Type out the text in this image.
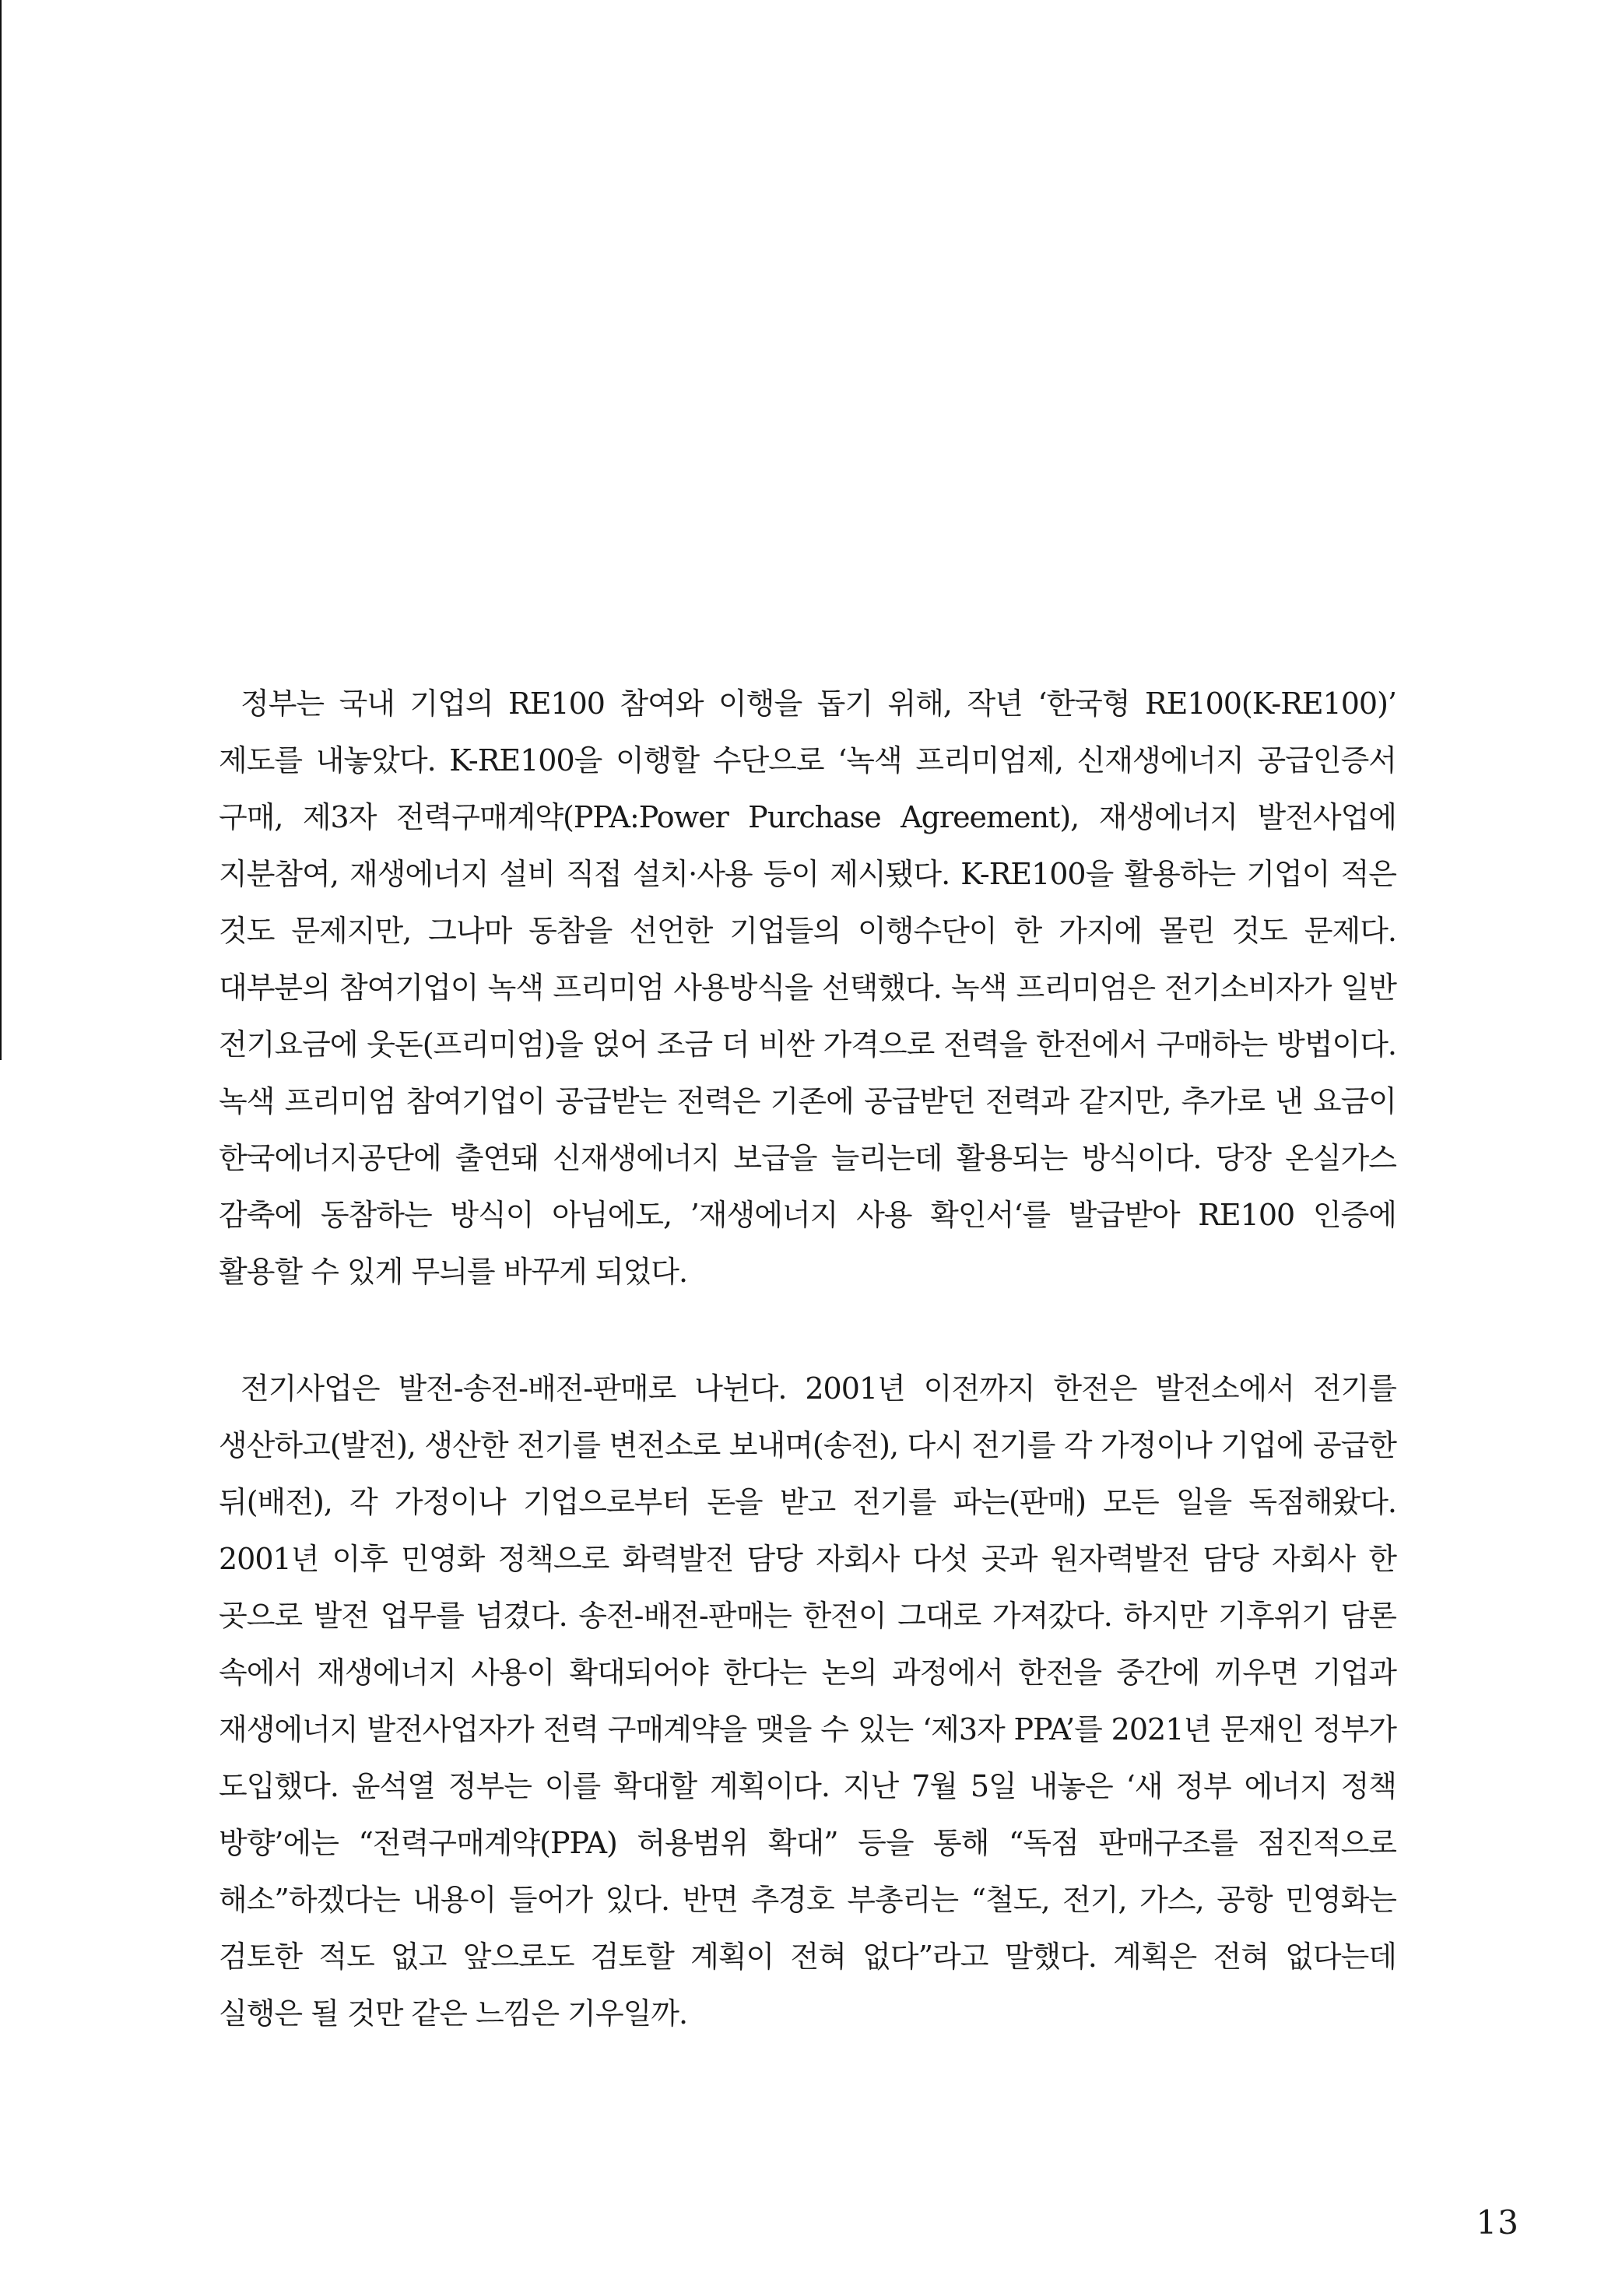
정부는 국내 기업의 RE100 참여와 이행을 돕기 위해, 작년 ‘한국형 RE100(K-RE100)’ 제도를 내놓았다. K-RE100을 이행할 수단으로 ‘녹색 프리미엄제, 신재생에너지 공급인증서 구매, 제3자 전력구매계약(PPA:Power Purchase Agreement), 재생에너지 발전사업에 지분참여, 재생에너지 설비 직접 설치·사용 등이 제시됐다. K-RE100을 활용하는 기업이 적은 것도 문제지만, 그나마 동참을 선언한 기업들의 이행수단이 한 가지에 몰린 것도 문제다. 대부분의 참여기업이 녹색 프리미엄 사용방식을 선택했다. 녹색 프리미엄은 전기소비자가 일반 전기요금에 웃돈(프리미엄)을 얹어 조금 더 비싼 가격으로 전력을 한전에서 구매하는 방법이다. 녹색 프리미엄 참여기업이 공급받는 전력은 기존에 공급받던 전력과 같지만, 추가로 낸 요금이 한국에너지공단에 출연돼 신재생에너지 보급을 늘리는데 활용되는 방식이다. 당장 온실가스 감축에 동참하는 방식이 아님에도, ’재생에너지 사용 확인서‘를 발급받아 RE100 인증에 활용할 수 있게 무늬를 바꾸게 되었다.

전기사업은 발전-송전-배전-판매로 나뉜다. 2001년 이전까지 한전은 발전소에서 전기를 생산하고(발전), 생산한 전기를 변전소로 보내며(송전), 다시 전기를 각 가정이나 기업에 공급한 뒤(배전), 각 가정이나 기업으로부터 돈을 받고 전기를 파는(판매) 모든 일을 독점해왔다. 2001년 이후 민영화 정책으로 화력발전 담당 자회사 다섯 곳과 원자력발전 담당 자회사 한 곳으로 발전 업무를 넘겼다. 송전-배전-판매는 한전이 그대로 가져갔다. 하지만 기후위기 담론 속에서 재생에너지 사용이 확대되어야 한다는 논의 과정에서 한전을 중간에 끼우면 기업과 재생에너지 발전사업자가 전력 구매계약을 맺을 수 있는 ‘제3자 PPA’를 2021년 문재인 정부가 도입했다. 윤석열 정부는 이를 확대할 계획이다. 지난 7월 5일 내놓은 ‘새 정부 에너지 정책 방향’에는 “전력구매계약(PPA) 허용범위 확대” 등을 통해 “독점 판매구조를 점진적으로 해소”하겠다는 내용이 들어가 있다. 반면 추경호 부총리는 “철도, 전기, 가스, 공항 민영화는 검토한 적도 없고 앞으로도 검토할 계획이 전혀 없다”라고 말했다. 계획은 전혀 없다는데 실행은 될 것만 같은 느낌은 기우일까.

13
